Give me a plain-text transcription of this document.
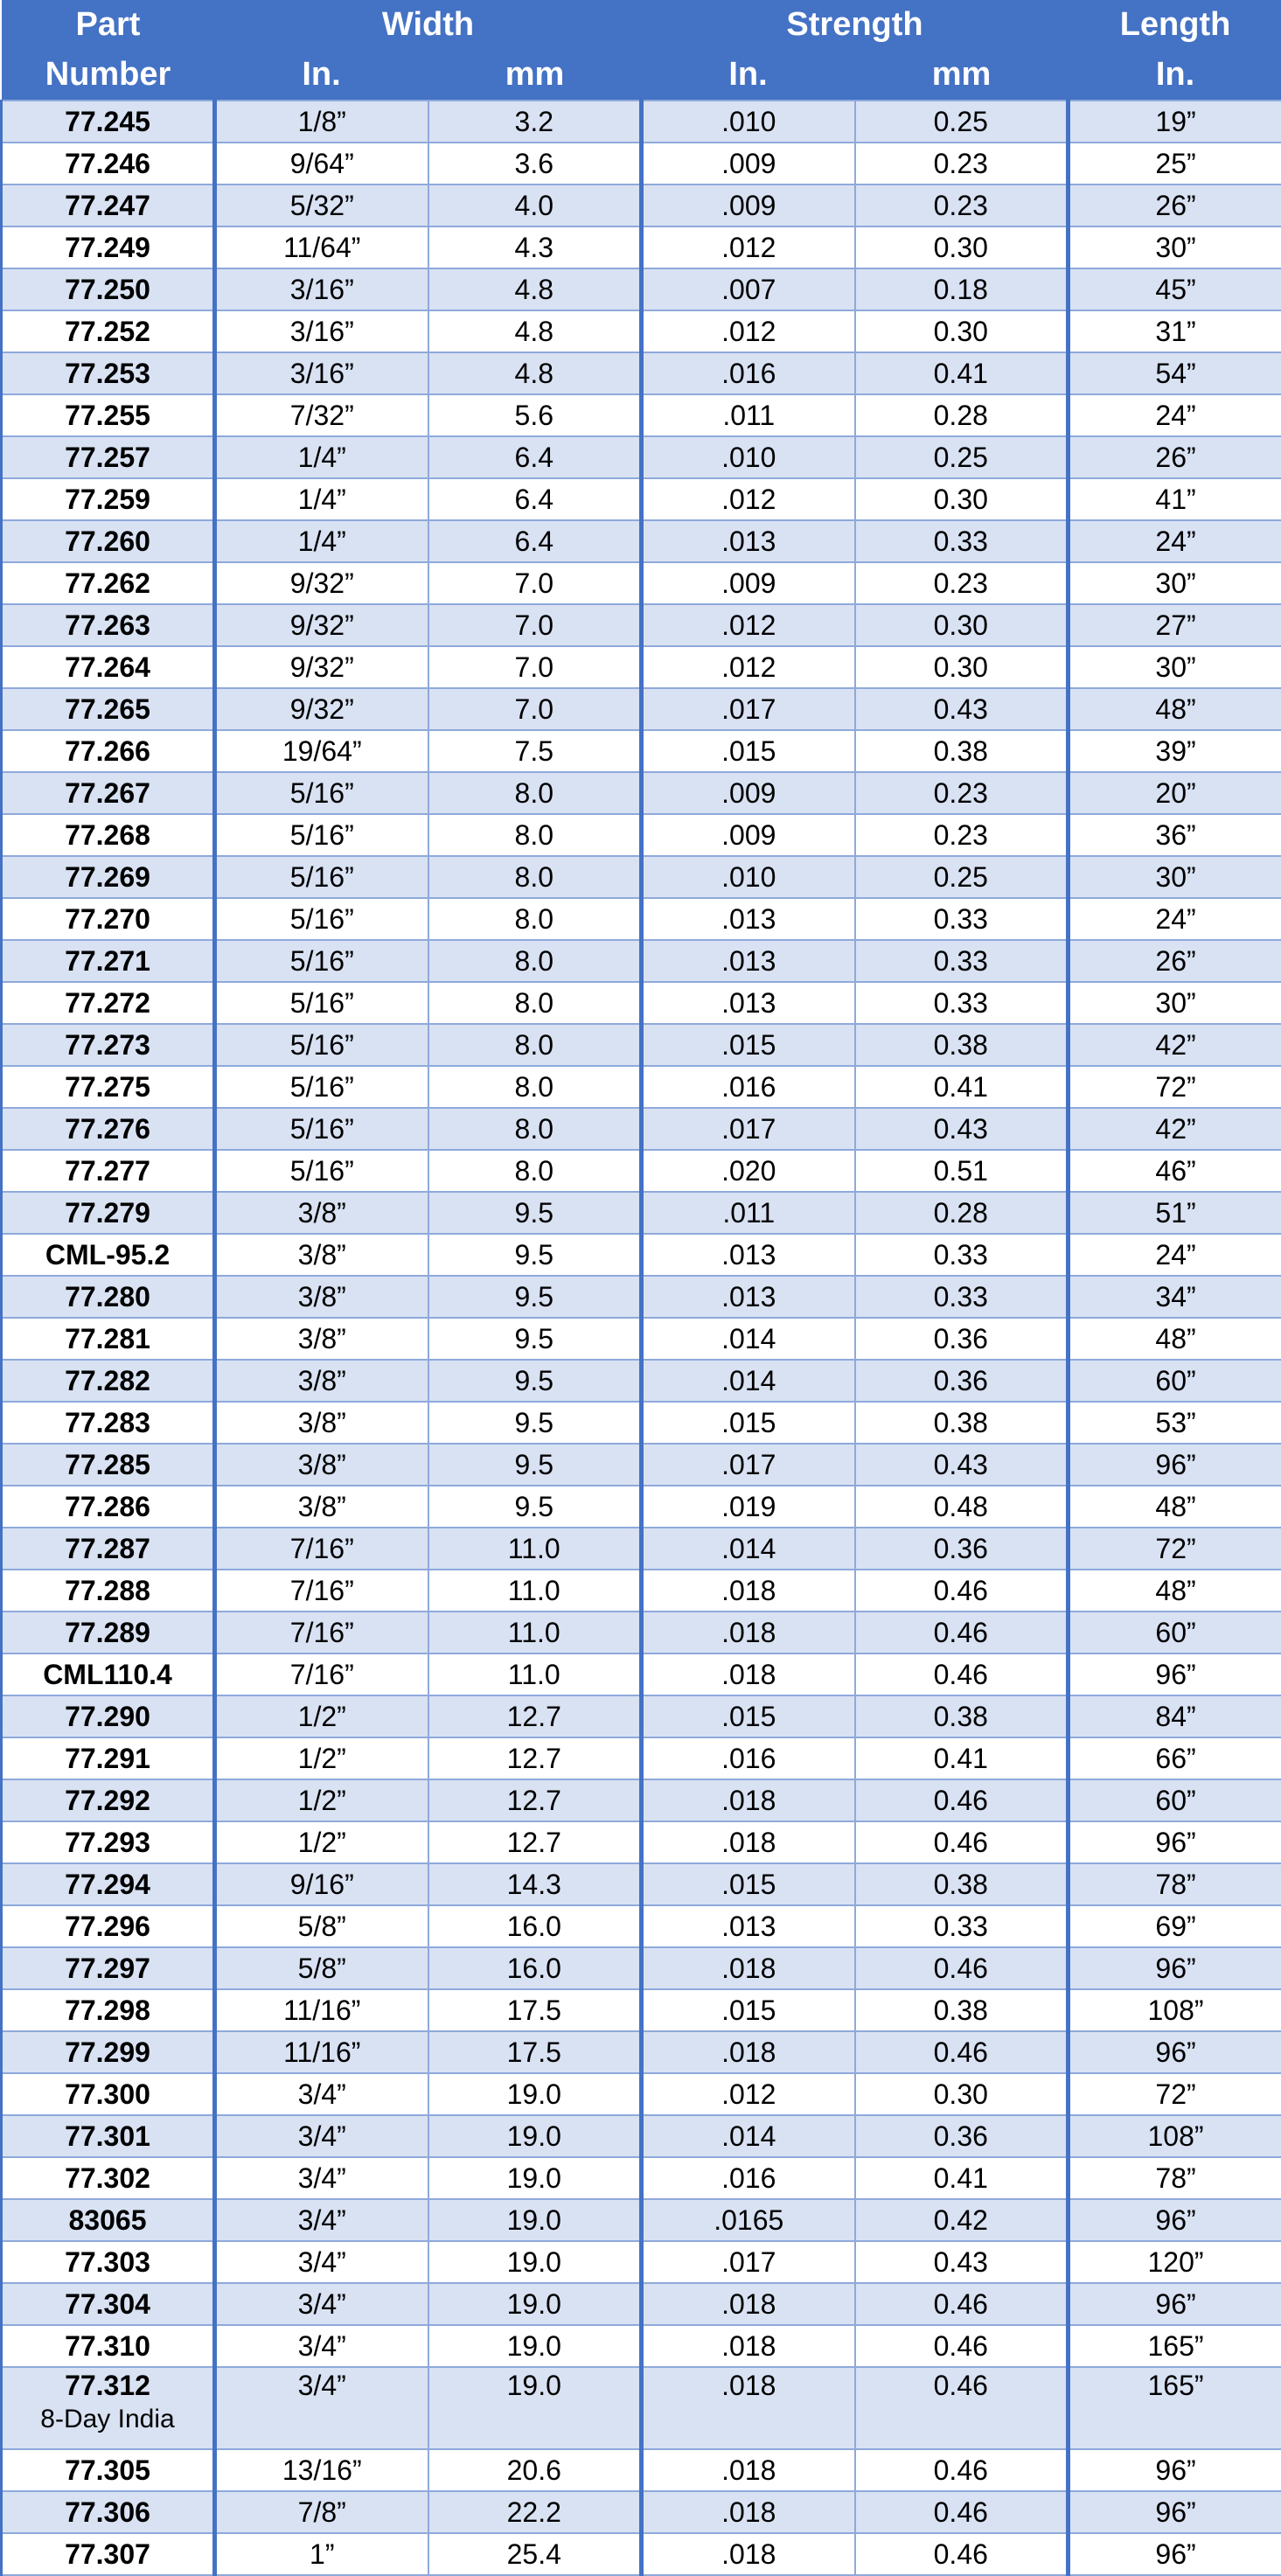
Part	Width		Strength		Length
Number	In.	mm	In.	mm	In.
77.245	1/8”	3.2	.010	0.25	19”
77.246	9/64”	3.6	.009	0.23	25”
77.247	5/32”	4.0	.009	0.23	26”
77.249	11/64”	4.3	.012	0.30	30”
77.250	3/16”	4.8	.007	0.18	45”
77.252	3/16”	4.8	.012	0.30	31”
77.253	3/16”	4.8	.016	0.41	54”
77.255	7/32”	5.6	.011	0.28	24”
77.257	1/4”	6.4	.010	0.25	26”
77.259	1/4”	6.4	.012	0.30	41”
77.260	1/4”	6.4	.013	0.33	24”
77.262	9/32”	7.0	.009	0.23	30”
77.263	9/32”	7.0	.012	0.30	27”
77.264	9/32”	7.0	.012	0.30	30”
77.265	9/32”	7.0	.017	0.43	48”
77.266	19/64”	7.5	.015	0.38	39”
77.267	5/16”	8.0	.009	0.23	20”
77.268	5/16”	8.0	.009	0.23	36”
77.269	5/16”	8.0	.010	0.25	30”
77.270	5/16”	8.0	.013	0.33	24”
77.271	5/16”	8.0	.013	0.33	26”
77.272	5/16”	8.0	.013	0.33	30”
77.273	5/16”	8.0	.015	0.38	42”
77.275	5/16”	8.0	.016	0.41	72”
77.276	5/16”	8.0	.017	0.43	42”
77.277	5/16”	8.0	.020	0.51	46”
77.279	3/8”	9.5	.011	0.28	51”
CML-95.2	3/8”	9.5	.013	0.33	24”
77.280	3/8”	9.5	.013	0.33	34”
77.281	3/8”	9.5	.014	0.36	48”
77.282	3/8”	9.5	.014	0.36	60”
77.283	3/8”	9.5	.015	0.38	53”
77.285	3/8”	9.5	.017	0.43	96”
77.286	3/8”	9.5	.019	0.48	48”
77.287	7/16”	11.0	.014	0.36	72”
77.288	7/16”	11.0	.018	0.46	48”
77.289	7/16”	11.0	.018	0.46	60”
CML110.4	7/16”	11.0	.018	0.46	96”
77.290	1/2”	12.7	.015	0.38	84”
77.291	1/2”	12.7	.016	0.41	66”
77.292	1/2”	12.7	.018	0.46	60”
77.293	1/2”	12.7	.018	0.46	96”
77.294	9/16”	14.3	.015	0.38	78”
77.296	5/8”	16.0	.013	0.33	69”
77.297	5/8”	16.0	.018	0.46	96”
77.298	11/16”	17.5	.015	0.38	108”
77.299	11/16”	17.5	.018	0.46	96”
77.300	3/4”	19.0	.012	0.30	72”
77.301	3/4”	19.0	.014	0.36	108”
77.302	3/4”	19.0	.016	0.41	78”
83065	3/4”	19.0	.0165	0.42	96”
77.303	3/4”	19.0	.017	0.43	120”
77.304	3/4”	19.0	.018	0.46	96”
77.310	3/4”	19.0	.018	0.46	165”
77.312
8-Day India	3/4”	19.0	.018	0.46	165”
77.305	13/16”	20.6	.018	0.46	96”
77.306	7/8”	22.2	.018	0.46	96”
77.307	1”	25.4	.018	0.46	96”
